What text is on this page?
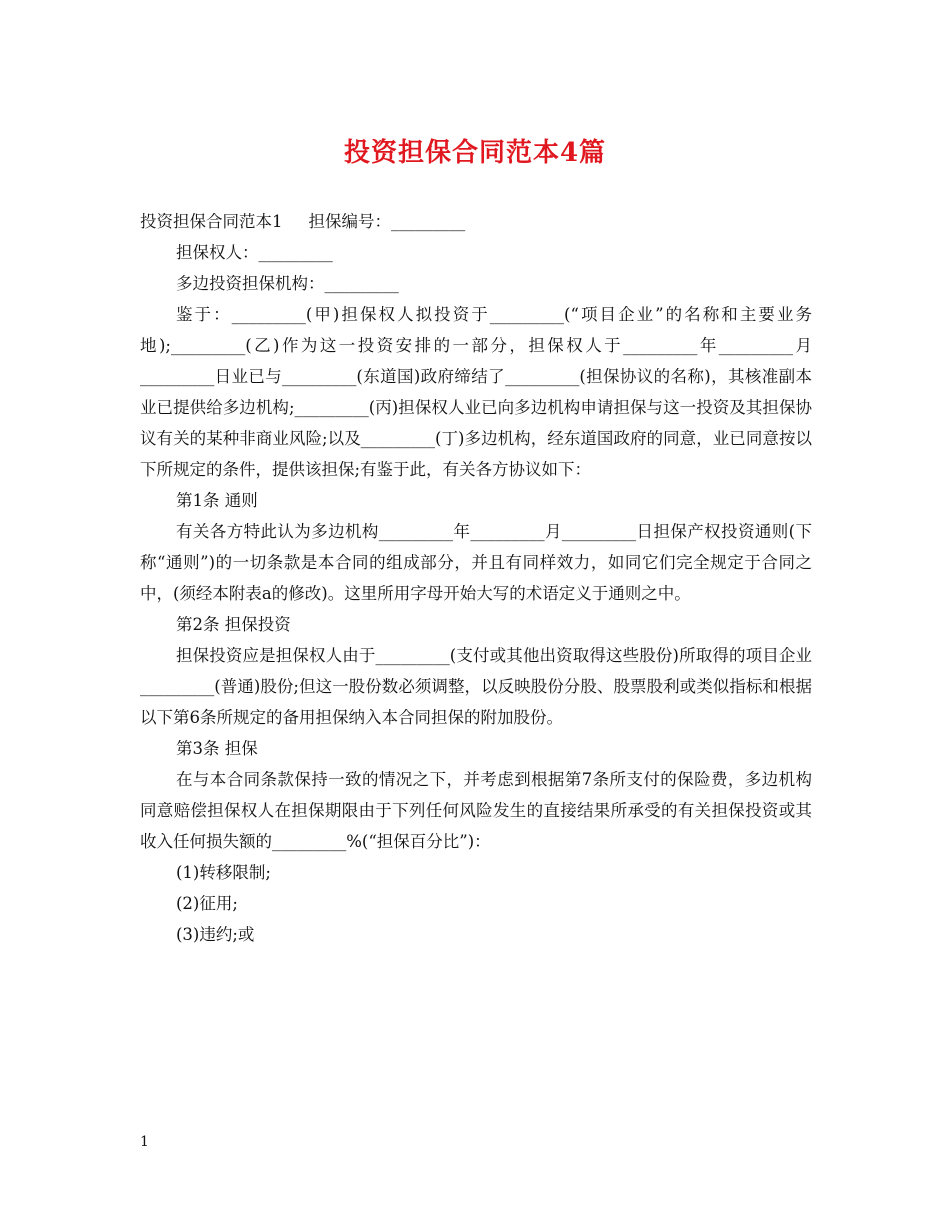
投资担保合同范本4篇

投资担保合同范本1 担保编号：_________

担保权人：_________

多边投资担保机构：_________

鉴于：_________(甲)担保权人拟投资于_________(“项目企业”的名称和主要业务地);_________(乙)作为这一投资安排的一部分，担保权人于_________年_________月_________日业已与_________(东道国)政府缔结了_________(担保协议的名称)，其核准副本业已提供给多边机构;_________(丙)担保权人业已向多边机构申请担保与这一投资及其担保协议有关的某种非商业风险;以及_________(丁)多边机构，经东道国政府的同意，业已同意按以下所规定的条件，提供该担保;有鉴于此，有关各方协议如下：

第1条 通则

有关各方特此认为多边机构_________年_________月_________日担保产权投资通则(下称“通则”)的一切条款是本合同的组成部分，并且有同样效力，如同它们完全规定于合同之中，(须经本附表a的修改)。这里所用字母开始大写的术语定义于通则之中。

第2条 担保投资

担保投资应是担保权人由于_________(支付或其他出资取得这些股份)所取得的项目企业_________(普通)股份;但这一股份数必须调整，以反映股份分股、股票股利或类似指标和根据以下第6条所规定的备用担保纳入本合同担保的附加股份。

第3条 担保

在与本合同条款保持一致的情况之下，并考虑到根据第7条所支付的保险费，多边机构同意赔偿担保权人在担保期限由于下列任何风险发生的直接结果所承受的有关担保投资或其收入任何损失额的_________%(“担保百分比”)：

(1)转移限制;

(2)征用;

(3)违约;或

1
